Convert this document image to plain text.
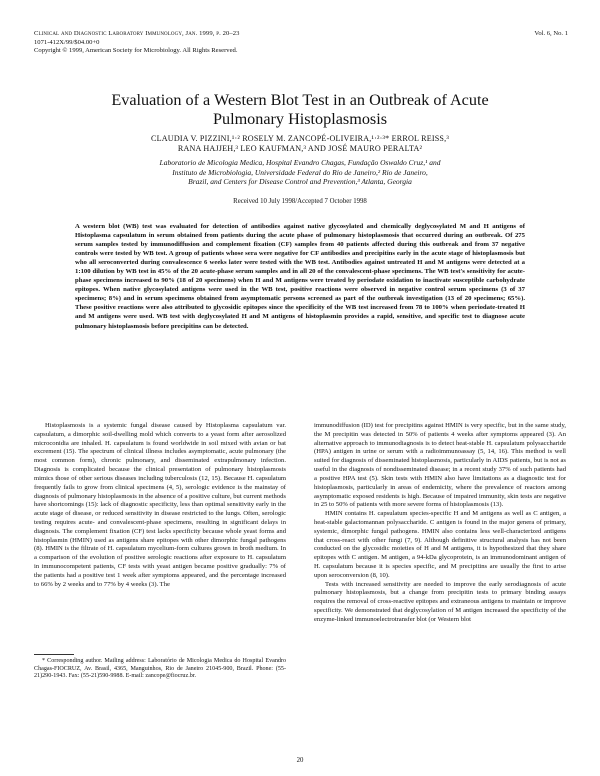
Clinical and Diagnostic Laboratory Immunology, Jan. 1999, p. 20–23	Vol. 6, No. 1
1071-412X/99/$04.00+0
Copyright © 1999, American Society for Microbiology. All Rights Reserved.
Evaluation of a Western Blot Test in an Outbreak of Acute
Pulmonary Histoplasmosis
CLAUDIA V. PIZZINI,¹·² ROSELY M. ZANCOPÉ-OLIVEIRA,¹·²·³* ERROL REISS,³
RANA HAJJEH,³ LEO KAUFMAN,³ AND JOSÉ MAURO PERALTA²
Laboratorio de Micologia Medica, Hospital Evandro Chagas, Fundação Oswaldo Cruz,¹ and
Instituto de Microbiologia, Universidade Federal do Rio de Janeiro,² Rio de Janeiro,
Brazil, and Centers for Disease Control and Prevention,³ Atlanta, Georgia
Received 10 July 1998/Accepted 7 October 1998

A western blot (WB) test was evaluated for detection of antibodies against native glycosylated and chemically deglycosylated M and H antigens of Histoplasma capsulatum in serum obtained from patients during the acute phase of pulmonary histoplasmosis that occurred during an outbreak. Of 275 serum samples tested by immunodiffusion and complement fixation (CF) samples from 40 patients affected during this outbreak and from 37 negative controls were tested by WB test. A group of patients whose sera were negative for CF antibodies and precipitins early in the acute stage of histoplasmosis but who all seroconverted during convalescence 6 weeks later were tested with the WB test. Antibodies against untreated H and M antigens were detected at a 1:100 dilution by WB test in 45% of the 20 acute-phase serum samples and in all 20 of the convalescent-phase specimens. The WB test's sensitivity for acute-phase specimens increased to 90% (18 of 20 specimens) when H and M antigens were treated by periodate oxidation to inactivate susceptible carbohydrate epitopes. When native glycosylated antigens were used in the WB test, positive reactions were observed in negative control serum specimens (3 of 37 specimens; 8%) and in serum specimens obtained from asymptomatic persons screened as part of the outbreak investigation (13 of 20 specimens; 65%). These positive reactions were also attributed to glycosidic epitopes since the specificity of the WB test increased from 78 to 100% when periodate-treated H and M antigens were used. WB test with deglycosylated H and M antigens of histoplasmin provides a rapid, sensitive, and specific test to diagnose acute pulmonary histoplasmosis before precipitins can be detected.

Histoplasmosis is a systemic fungal disease caused by Histoplasma capsulatum var. capsulatum, a dimorphic soil-dwelling mold which converts to a yeast form after aerosolized microconidia are inhaled. H. capsulatum is found worldwide in soil mixed with avian or bat excrement (15). The spectrum of clinical illness includes asymptomatic, acute pulmonary (the most common form), chronic pulmonary, and disseminated extrapulmonary infection. Diagnosis is complicated because the clinical presentation of pulmonary histoplasmosis mimics those of other serious diseases including tuberculosis (12, 15). Because H. capsulatum frequently fails to grow from clinical specimens (4, 5), serologic evidence is the mainstay of diagnosis of pulmonary histoplasmosis in the absence of a positive culture, but current methods have shortcomings (15): lack of diagnostic specificity, less than optimal sensitivity early in the acute stage of disease, or reduced sensitivity in disease restricted to the lungs. Often, serologic testing requires acute- and convalescent-phase specimens, resulting in significant delays in diagnosis. The complement fixation (CF) test lacks specificity because whole yeast forms and histoplasmin (HMIN) used as antigens share epitopes with other dimorphic fungal pathogens (8). HMIN is the filtrate of H. capsulatum mycelium-form cultures grown in broth medium. In a comparison of the evolution of positive serologic reactions after exposure to H. capsulatum in immunocompetent patients, CF tests with yeast antigen became positive gradually: 7% of the patients had a positive test 1 week after symptoms appeared, and the percentage increased to 66% by 2 weeks and to 77% by 4 weeks (3). The

* Corresponding author. Mailing address: Laboratório de Micologia Medica do Hospital Evandro Chagas-FIOCRUZ, Av. Brasil, 4365, Manguinhos, Rio de Janeiro 21045-900, Brazil. Phone: (55-21)290-1943. Fax: (55-21)590-9988. E-mail: zancope@fiocruz.br.

immunodiffusion (ID) test for precipitins against HMIN is very specific, but in the same study, the M precipitin was detected in 50% of patients 4 weeks after symptoms appeared (3). An alternative approach to immunodiagnosis is to detect heat-stable H. capsulatum polysaccharide (HPA) antigen in urine or serum with a radioimmunoassay (5, 14, 16). This method is well suited for diagnosis of disseminated histoplasmosis, particularly in AIDS patients, but is not as useful in the diagnosis of nondisseminated disease; in a recent study 37% of such patients had a positive HPA test (5). Skin tests with HMIN also have limitations as a diagnostic test for histoplasmosis, particularly in areas of endemicity, where the prevalence of reactors among asymptomatic exposed residents is high. Because of impaired immunity, skin tests are negative in 25 to 50% of patients with more severe forms of histoplasmosis (13).

HMIN contains H. capsulatum species-specific H and M antigens as well as C antigen, a heat-stable galactomannan polysaccharide. C antigen is found in the major genera of primary, systemic, dimorphic fungal pathogens. HMIN also contains less well-characterized antigens that cross-react with other fungi (7, 9). Although definitive structural analysis has not been conducted on the glycosidic moieties of H and M antigens, it is hypothesized that they share epitopes with C antigen. M antigen, a 94-kDa glycoprotein, is an immunodominant antigen of H. capsulatum because it is species specific, and M precipitins are usually the first to arise upon seroconversion (8, 10).

Tests with increased sensitivity are needed to improve the early serodiagnosis of acute pulmonary histoplasmosis, but a change from precipitin tests to primary binding assays requires the removal of cross-reactive epitopes and extraneous antigens to maintain or improve specificity. We demonstrated that deglycosylation of M antigen increased the specificity of the enzyme-linked immunoelectrotransfer blot (or Western blot

20
